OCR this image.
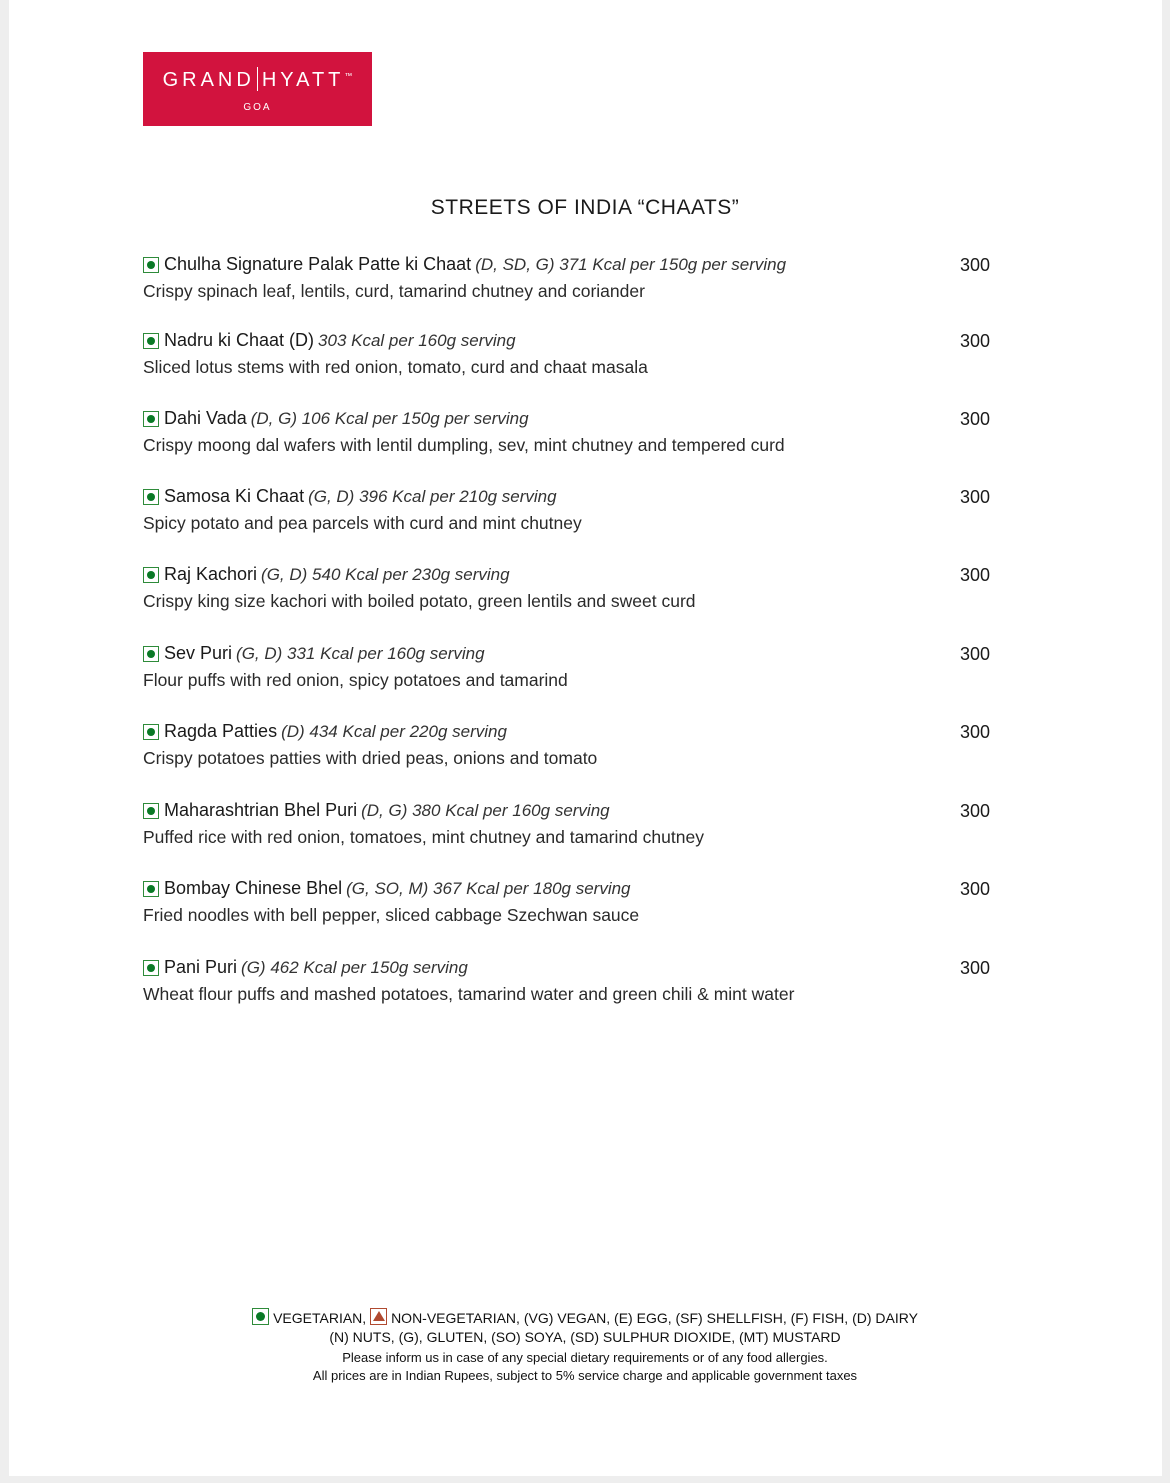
GRAND HYATT™
GOA
STREETS OF INDIA “CHAATS”
Chulha Signature Palak Patte ki Chaat (D, SD, G) 371 Kcal per 150g per serving
Crispy spinach leaf, lentils, curd, tamarind chutney and coriander
300
Nadru ki Chaat (D) 303 Kcal per 160g serving
Sliced lotus stems with red onion, tomato, curd and chaat masala
300
Dahi Vada (D, G) 106 Kcal per 150g per serving
Crispy moong dal wafers with lentil dumpling, sev, mint chutney and tempered curd
300
Samosa Ki Chaat (G, D) 396 Kcal per 210g serving
Spicy potato and pea parcels with curd and mint chutney
300
Raj Kachori (G, D) 540 Kcal per 230g serving
Crispy king size kachori with boiled potato, green lentils and sweet curd
300
Sev Puri (G, D) 331 Kcal per 160g serving
Flour puffs with red onion, spicy potatoes and tamarind
300
Ragda Patties (D) 434 Kcal per 220g serving
Crispy potatoes patties with dried peas, onions and tomato
300
Maharashtrian Bhel Puri (D, G) 380 Kcal per 160g serving
Puffed rice with red onion, tomatoes, mint chutney and tamarind chutney
300
Bombay Chinese Bhel (G, SO, M) 367 Kcal per 180g serving
Fried noodles with bell pepper, sliced cabbage Szechwan sauce
300
Pani Puri (G) 462 Kcal per 150g serving
Wheat flour puffs and mashed potatoes, tamarind water and green chili & mint water
300
VEGETARIAN, NON-VEGETARIAN, (VG) VEGAN, (E) EGG, (SF) SHELLFISH, (F) FISH, (D) DAIRY
(N) NUTS, (G), GLUTEN, (SO) SOYA, (SD) SULPHUR DIOXIDE, (MT) MUSTARD
Please inform us in case of any special dietary requirements or of any food allergies.
All prices are in Indian Rupees, subject to 5% service charge and applicable government taxes
